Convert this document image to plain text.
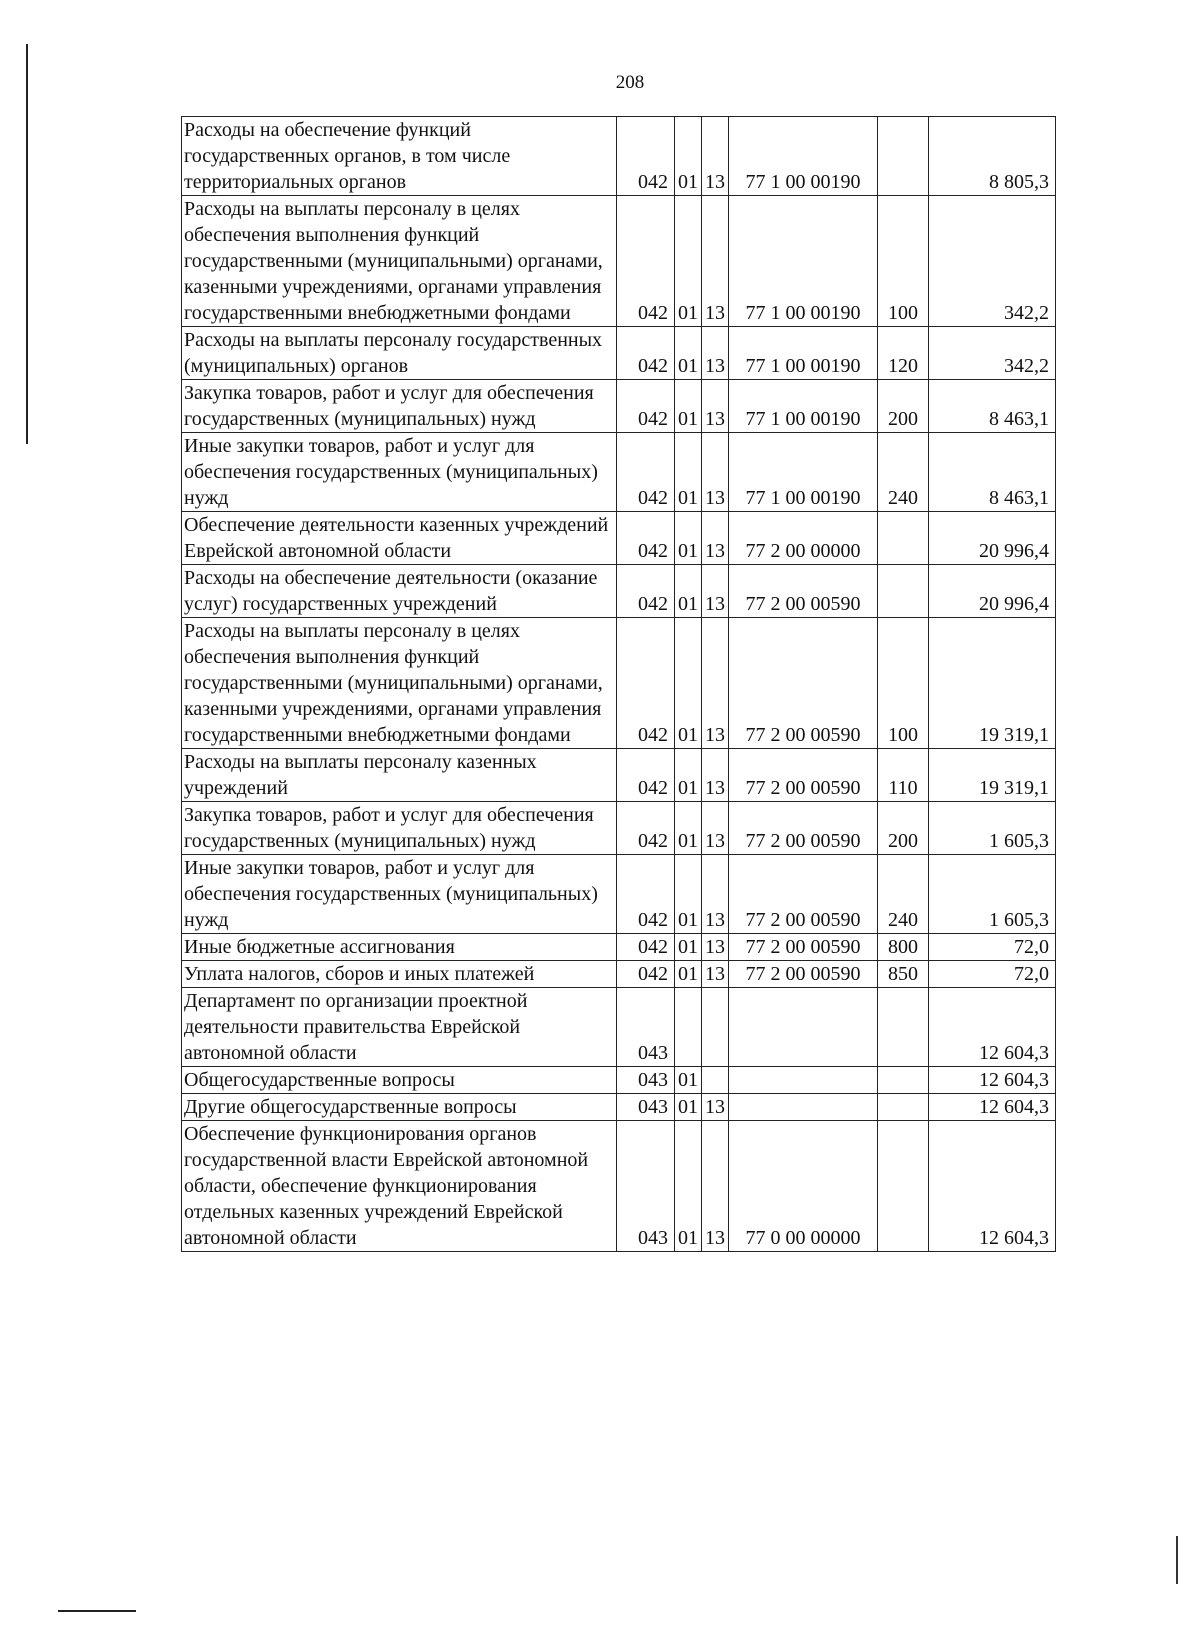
208
Расходы на обеспечение функций государственных органов, в том числе территориальных органов	042	01	13	77 1 00 00190		8 805,3
Расходы на выплаты персоналу в целях обеспечения выполнения функций государственными (муниципальными) органами, казенными учреждениями, органами управления государственными внебюджетными фондами	042	01	13	77 1 00 00190	100	342,2
Расходы на выплаты персоналу государственных (муниципальных) органов	042	01	13	77 1 00 00190	120	342,2
Закупка товаров, работ и услуг для обеспечения государственных (муниципальных) нужд	042	01	13	77 1 00 00190	200	8 463,1
Иные закупки товаров, работ и услуг для обеспечения государственных (муниципальных) нужд	042	01	13	77 1 00 00190	240	8 463,1
Обеспечение деятельности казенных учреждений Еврейской автономной области	042	01	13	77 2 00 00000		20 996,4
Расходы на обеспечение деятельности (оказание услуг) государственных учреждений	042	01	13	77 2 00 00590		20 996,4
Расходы на выплаты персоналу в целях обеспечения выполнения функций государственными (муниципальными) органами, казенными учреждениями, органами управления государственными внебюджетными фондами	042	01	13	77 2 00 00590	100	19 319,1
Расходы на выплаты персоналу казенных учреждений	042	01	13	77 2 00 00590	110	19 319,1
Закупка товаров, работ и услуг для обеспечения государственных (муниципальных) нужд	042	01	13	77 2 00 00590	200	1 605,3
Иные закупки товаров, работ и услуг для обеспечения государственных (муниципальных) нужд	042	01	13	77 2 00 00590	240	1 605,3
Иные бюджетные ассигнования	042	01	13	77 2 00 00590	800	72,0
Уплата налогов, сборов и иных платежей	042	01	13	77 2 00 00590	850	72,0
Департамент по организации проектной деятельности правительства Еврейской автономной области	043					12 604,3
Общегосударственные вопросы	043	01				12 604,3
Другие общегосударственные вопросы	043	01	13			12 604,3
Обеспечение функционирования органов государственной власти Еврейской автономной области, обеспечение функционирования отдельных казенных учреждений Еврейской автономной области	043	01	13	77 0 00 00000		12 604,3
